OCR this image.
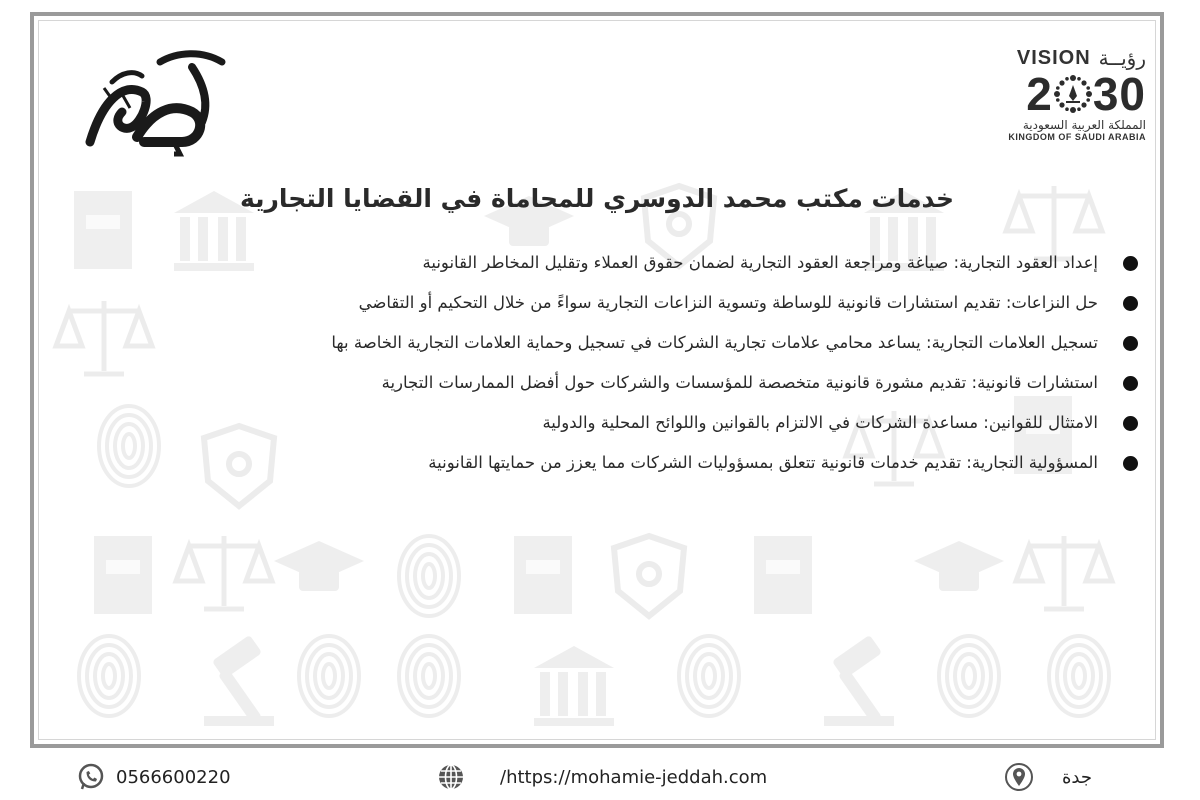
محمد
VISION رؤيــة
2 30
المملكة العربية السعودية
KINGDOM OF SAUDI ARABIA
خدمات مكتب محمد الدوسري للمحاماة في القضايا التجارية
إعداد العقود التجارية: صياغة ومراجعة العقود التجارية لضمان حقوق العملاء وتقليل المخاطر القانونية
حل النزاعات: تقديم استشارات قانونية للوساطة وتسوية النزاعات التجارية سواءً من خلال التحكيم أو التقاضي
تسجيل العلامات التجارية: يساعد محامي علامات تجارية الشركات في تسجيل وحماية العلامات التجارية الخاصة بها
استشارات قانونية: تقديم مشورة قانونية متخصصة للمؤسسات والشركات حول أفضل الممارسات التجارية
الامتثال للقوانين: مساعدة الشركات في الالتزام بالقوانين واللوائح المحلية والدولية
المسؤولية التجارية: تقديم خدمات قانونية تتعلق بمسؤوليات الشركات مما يعزز من حمايتها القانونية
0566600220	/https://mohamie-jeddah.com	جدة
